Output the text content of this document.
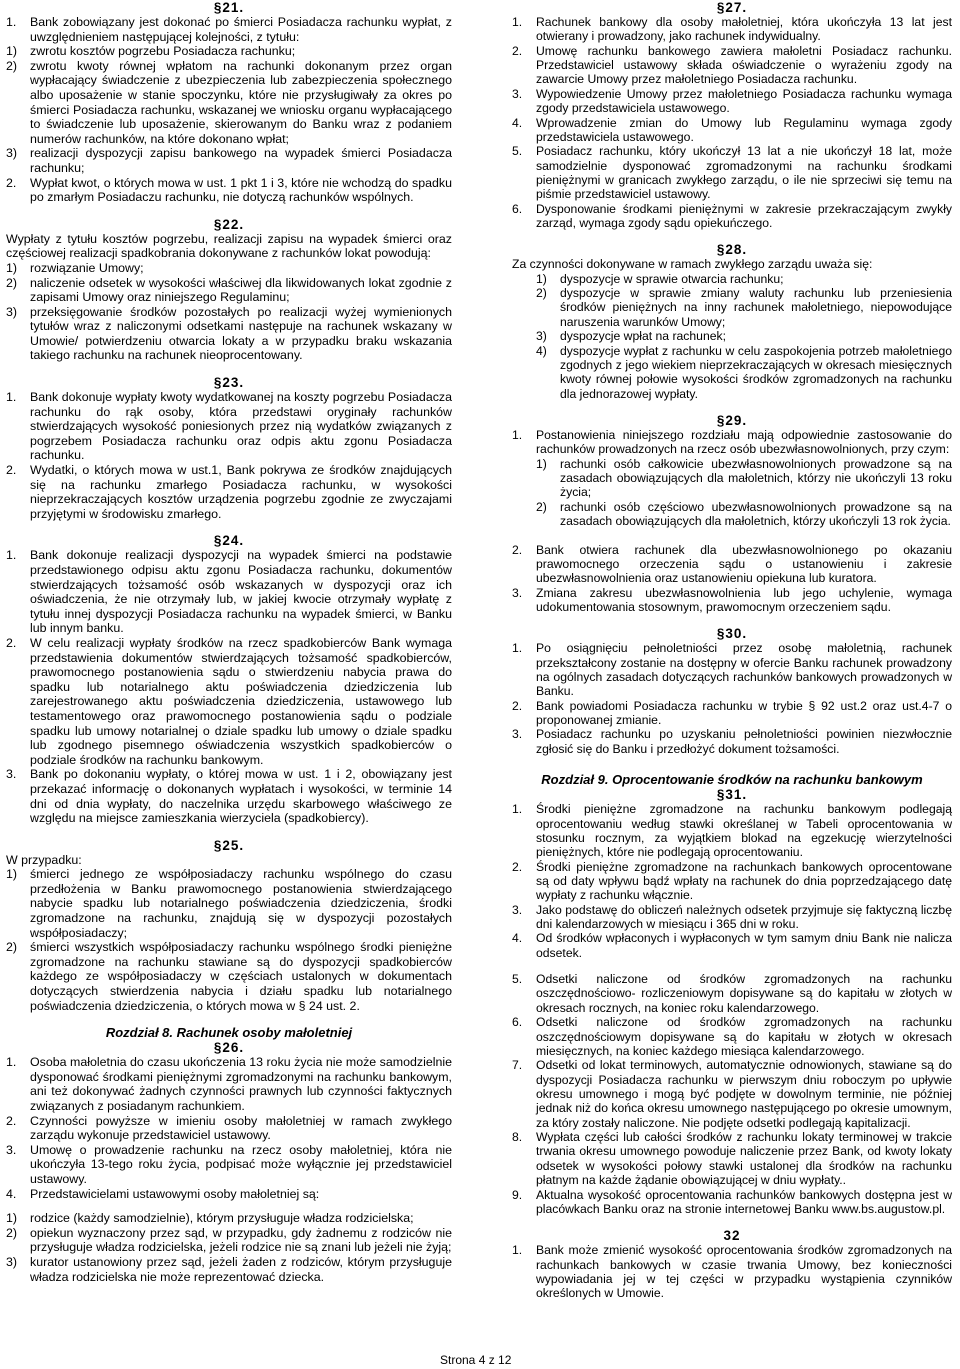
§21.
1. Bank zobowiązany jest dokonać po śmierci Posiadacza rachunku wypłat, z uwzględnieniem następującej kolejności, z tytułu:
1) zwrotu kosztów pogrzebu Posiadacza rachunku;
2) zwrotu kwoty równej wpłatom na rachunki dokonanym przez organ wypłacający świadczenie z ubezpieczenia lub zabezpieczenia społecznego albo uposażenie w stanie spoczynku, które nie przysługiwały za okres po śmierci Posiadacza rachunku, wskazanej we wniosku organu wypłacającego to świadczenie lub uposażenie, skierowanym do Banku wraz z podaniem numerów rachunków, na które dokonano wpłat;
3) realizacji dyspozycji zapisu bankowego na wypadek śmierci Posiadacza rachunku;
2. Wypłat kwot, o których mowa w ust. 1 pkt 1 i 3, które nie wchodzą do spadku po zmarłym Posiadaczu rachunku, nie dotyczą rachunków wspólnych.
§22.
Wypłaty z tytułu kosztów pogrzebu, realizacji zapisu na wypadek śmierci oraz częściowej realizacji spadkobrania dokonywane z rachunków lokat powodują:
1) rozwiązanie Umowy;
2) naliczenie odsetek w wysokości właściwej dla likwidowanych lokat zgodnie z zapisami Umowy oraz niniejszego Regulaminu;
3) przeksięgowanie środków pozostałych po realizacji wyżej wymienionych tytułów wraz z naliczonymi odsetkami następuje na rachunek wskazany w Umowie/ potwierdzeniu otwarcia lokaty a w przypadku braku wskazania takiego rachunku na rachunek nieoprocentowany.
§23.
1. Bank dokonuje wypłaty kwoty wydatkowanej na koszty pogrzebu Posiadacza rachunku do rąk osoby, która przedstawi oryginały rachunków stwierdzających wysokość poniesionych przez nią wydatków związanych z pogrzebem Posiadacza rachunku oraz odpis aktu zgonu Posiadacza rachunku.
2. Wydatki, o których mowa w ust.1, Bank pokrywa ze środków znajdujących się na rachunku zmarłego Posiadacza rachunku, w wysokości nieprzekraczających kosztów urządzenia pogrzebu zgodnie ze zwyczajami przyjętymi w środowisku zmarłego.
§24.
1. Bank dokonuje realizacji dyspozycji na wypadek śmierci na podstawie przedstawionego odpisu aktu zgonu Posiadacza rachunku, dokumentów stwierdzających tożsamość osób wskazanych w dyspozycji oraz ich oświadczenia, że nie otrzymały lub, w jakiej kwocie otrzymały wypłatę z tytułu innej dyspozycji Posiadacza rachunku na wypadek śmierci, w Banku lub innym banku.
2. W celu realizacji wypłaty środków na rzecz spadkobierców Bank wymaga przedstawienia dokumentów stwierdzających tożsamość spadkobierców, prawomocnego postanowienia sądu o stwierdzeniu nabycia prawa do spadku lub notarialnego aktu poświadczenia dziedziczenia lub zarejestrowanego aktu poświadczenia dziedziczenia, ustawowego lub testamentowego oraz prawomocnego postanowienia sądu o podziale spadku lub umowy notarialnej o dziale spadku lub umowy o dziale spadku lub zgodnego pisemnego oświadczenia wszystkich spadkobierców o podziale środków na rachunku bankowym.
3. Bank po dokonaniu wypłaty, o której mowa w ust. 1 i 2, obowiązany jest przekazać informację o dokonanych wypłatach i wysokości, w terminie 14 dni od dnia wypłaty, do naczelnika urzędu skarbowego właściwego ze względu na miejsce zamieszkania wierzyciela (spadkobiercy).
§25.
W przypadku:
1) śmierci jednego ze współposiadaczy rachunku wspólnego do czasu przedłożenia w Banku prawomocnego postanowienia stwierdzającego nabycie spadku lub notarialnego poświadczenia dziedziczenia, środki zgromadzone na rachunku, znajdują się w dyspozycji pozostałych współposiadaczy;
2) śmierci wszystkich współposiadaczy rachunku wspólnego środki pieniężne zgromadzone na rachunku stawiane są do dyspozycji spadkobierców każdego ze współposiadaczy w częściach ustalonych w dokumentach dotyczących stwierdzenia nabycia i działu spadku lub notarialnego poświadczenia dziedziczenia, o których mowa w § 24 ust. 2.
Rozdział 8. Rachunek osoby małoletniej
§26.
1. Osoba małoletnia do czasu ukończenia 13 roku życia nie może samodzielnie dysponować środkami pieniężnymi zgromadzonymi na rachunku bankowym, ani też dokonywać żadnych czynności prawnych lub czynności faktycznych związanych z posiadanym rachunkiem.
2. Czynności powyższe w imieniu osoby małoletniej w ramach zwykłego zarządu wykonuje przedstawiciel ustawowy.
3. Umowę o prowadzenie rachunku na rzecz osoby małoletniej, która nie ukończyła 13-tego roku życia, podpisać może wyłącznie jej przedstawiciel ustawowy.
4. Przedstawicielami ustawowymi osoby małoletniej są:
1) rodzice (każdy samodzielnie), którym przysługuje władza rodzicielska;
2) opiekun wyznaczony przez sąd, w przypadku, gdy żadnemu z rodziców nie przysługuje władza rodzicielska, jeżeli rodzice nie są znani lub jeżeli nie żyją;
3) kurator ustanowiony przez sąd, jeżeli żaden z rodziców, którym przysługuje władza rodzicielska nie może reprezentować dziecka.
§27.
1. Rachunek bankowy dla osoby małoletniej, która ukończyła 13 lat jest otwierany i prowadzony, jako rachunek indywidualny.
2. Umowę rachunku bankowego zawiera małoletni Posiadacz rachunku. Przedstawiciel ustawowy składa oświadczenie o wyrażeniu zgody na zawarcie Umowy przez małoletniego Posiadacza rachunku.
3. Wypowiedzenie Umowy przez małoletniego Posiadacza rachunku wymaga zgody przedstawiciela ustawowego.
4. Wprowadzenie zmian do Umowy lub Regulaminu wymaga zgody przedstawiciela ustawowego.
5. Posiadacz rachunku, który ukończył 13 lat a nie ukończył 18 lat, może samodzielnie dysponować zgromadzonymi na rachunku środkami pieniężnymi w granicach zwykłego zarządu, o ile nie sprzeciwi się temu na piśmie przedstawiciel ustawowy.
6. Dysponowanie środkami pieniężnymi w zakresie przekraczającym zwykły zarząd, wymaga zgody sądu opiekuńczego.
§28.
Za czynności dokonywane w ramach zwykłego zarządu uważa się:
1) dyspozycje w sprawie otwarcia rachunku;
2) dyspozycje w sprawie zmiany waluty rachunku lub przeniesienia środków pieniężnych na inny rachunek małoletniego, niepowodujące naruszenia warunków Umowy;
3) dyspozycje wpłat na rachunek;
4) dyspozycje wypłat z rachunku w celu zaspokojenia potrzeb małoletniego zgodnych z jego wiekiem nieprzekraczających w okresach miesięcznych kwoty równej połowie wysokości środków zgromadzonych na rachunku dla jednorazowej wypłaty.
§29.
1. Postanowienia niniejszego rozdziału mają odpowiednie zastosowanie do rachunków prowadzonych na rzecz osób ubezwłasnowolnionych, przy czym:
1) rachunki osób całkowicie ubezwłasnowolnionych prowadzone są na zasadach obowiązujących dla małoletnich, którzy nie ukończyli 13 roku życia;
2) rachunki osób częściowo ubezwłasnowolnionych prowadzone są na zasadach obowiązujących dla małoletnich, którzy ukończyli 13 rok życia.
2. Bank otwiera rachunek dla ubezwłasnowolnionego po okazaniu prawomocnego orzeczenia sądu o ustanowieniu i zakresie ubezwłasnowolnienia oraz ustanowieniu opiekuna lub kuratora.
3. Zmiana zakresu ubezwłasnowolnienia lub jego uchylenie, wymaga udokumentowania stosownym, prawomocnym orzeczeniem sądu.
§30.
1. Po osiągnięciu pełnoletniości przez osobę małoletnią, rachunek przekształcony zostanie na dostępny w ofercie Banku rachunek prowadzony na ogólnych zasadach dotyczących rachunków bankowych prowadzonych w Banku.
2. Bank powiadomi Posiadacza rachunku w trybie § 92 ust.2 oraz ust.4-7 o proponowanej zmianie.
3. Posiadacz rachunku po uzyskaniu pełnoletniości powinien niezwłocznie zgłosić się do Banku i przedłożyć dokument tożsamości.
Rozdział 9. Oprocentowanie środków na rachunku bankowym
§31.
1. Środki pieniężne zgromadzone na rachunku bankowym podlegają oprocentowaniu według stawki określanej w Tabeli oprocentowania w stosunku rocznym, za wyjątkiem blokad na egzekucję wierzytelności pieniężnych, które nie podlegają oprocentowaniu.
2. Środki pieniężne zgromadzone na rachunkach bankowych oprocentowane są od daty wpływu bądź wpłaty na rachunek do dnia poprzedzającego datę wypłaty z rachunku włącznie.
3. Jako podstawę do obliczeń należnych odsetek przyjmuje się faktyczną liczbę dni kalendarzowych w miesiącu i 365 dni w roku.
4. Od środków wpłaconych i wypłaconych w tym samym dniu Bank nie nalicza odsetek.
5. Odsetki naliczone od środków zgromadzonych na rachunku oszczędnościowo- rozliczeniowym dopisywane są do kapitału w złotych w okresach rocznych, na koniec roku kalendarzowego.
6. Odsetki naliczone od środków zgromadzonych na rachunku oszczędnościowym dopisywane są do kapitału w złotych w okresach miesięcznych, na koniec każdego miesiąca kalendarzowego.
7. Odsetki od lokat terminowych, automatycznie odnowionych, stawiane są do dyspozycji Posiadacza rachunku w pierwszym dniu roboczym po upływie okresu umownego i mogą być podjęte w dowolnym terminie, nie później jednak niż do końca okresu umownego następującego po okresie umownym, za który zostały naliczone. Nie podjęte odsetki podlegają kapitalizacji.
8. Wypłata części lub całości środków z rachunku lokaty terminowej w trakcie trwania okresu umownego powoduje naliczenie przez Bank, od kwoty lokaty odsetek w wysokości połowy stawki ustalonej dla środków na rachunku płatnym na każde żądanie obowiązującej w dniu wypłaty..
9. Aktualna wysokość oprocentowania rachunków bankowych dostępna jest w placówkach Banku oraz na stronie internetowej Banku www.bs.augustow.pl.
32
1. Bank może zmienić wysokość oprocentowania środków zgromadzonych na rachunkach bankowych w czasie trwania Umowy, bez konieczności wypowiadania jej w tej części w przypadku wystąpienia czynników określonych w Umowie.
Strona 4 z 12
